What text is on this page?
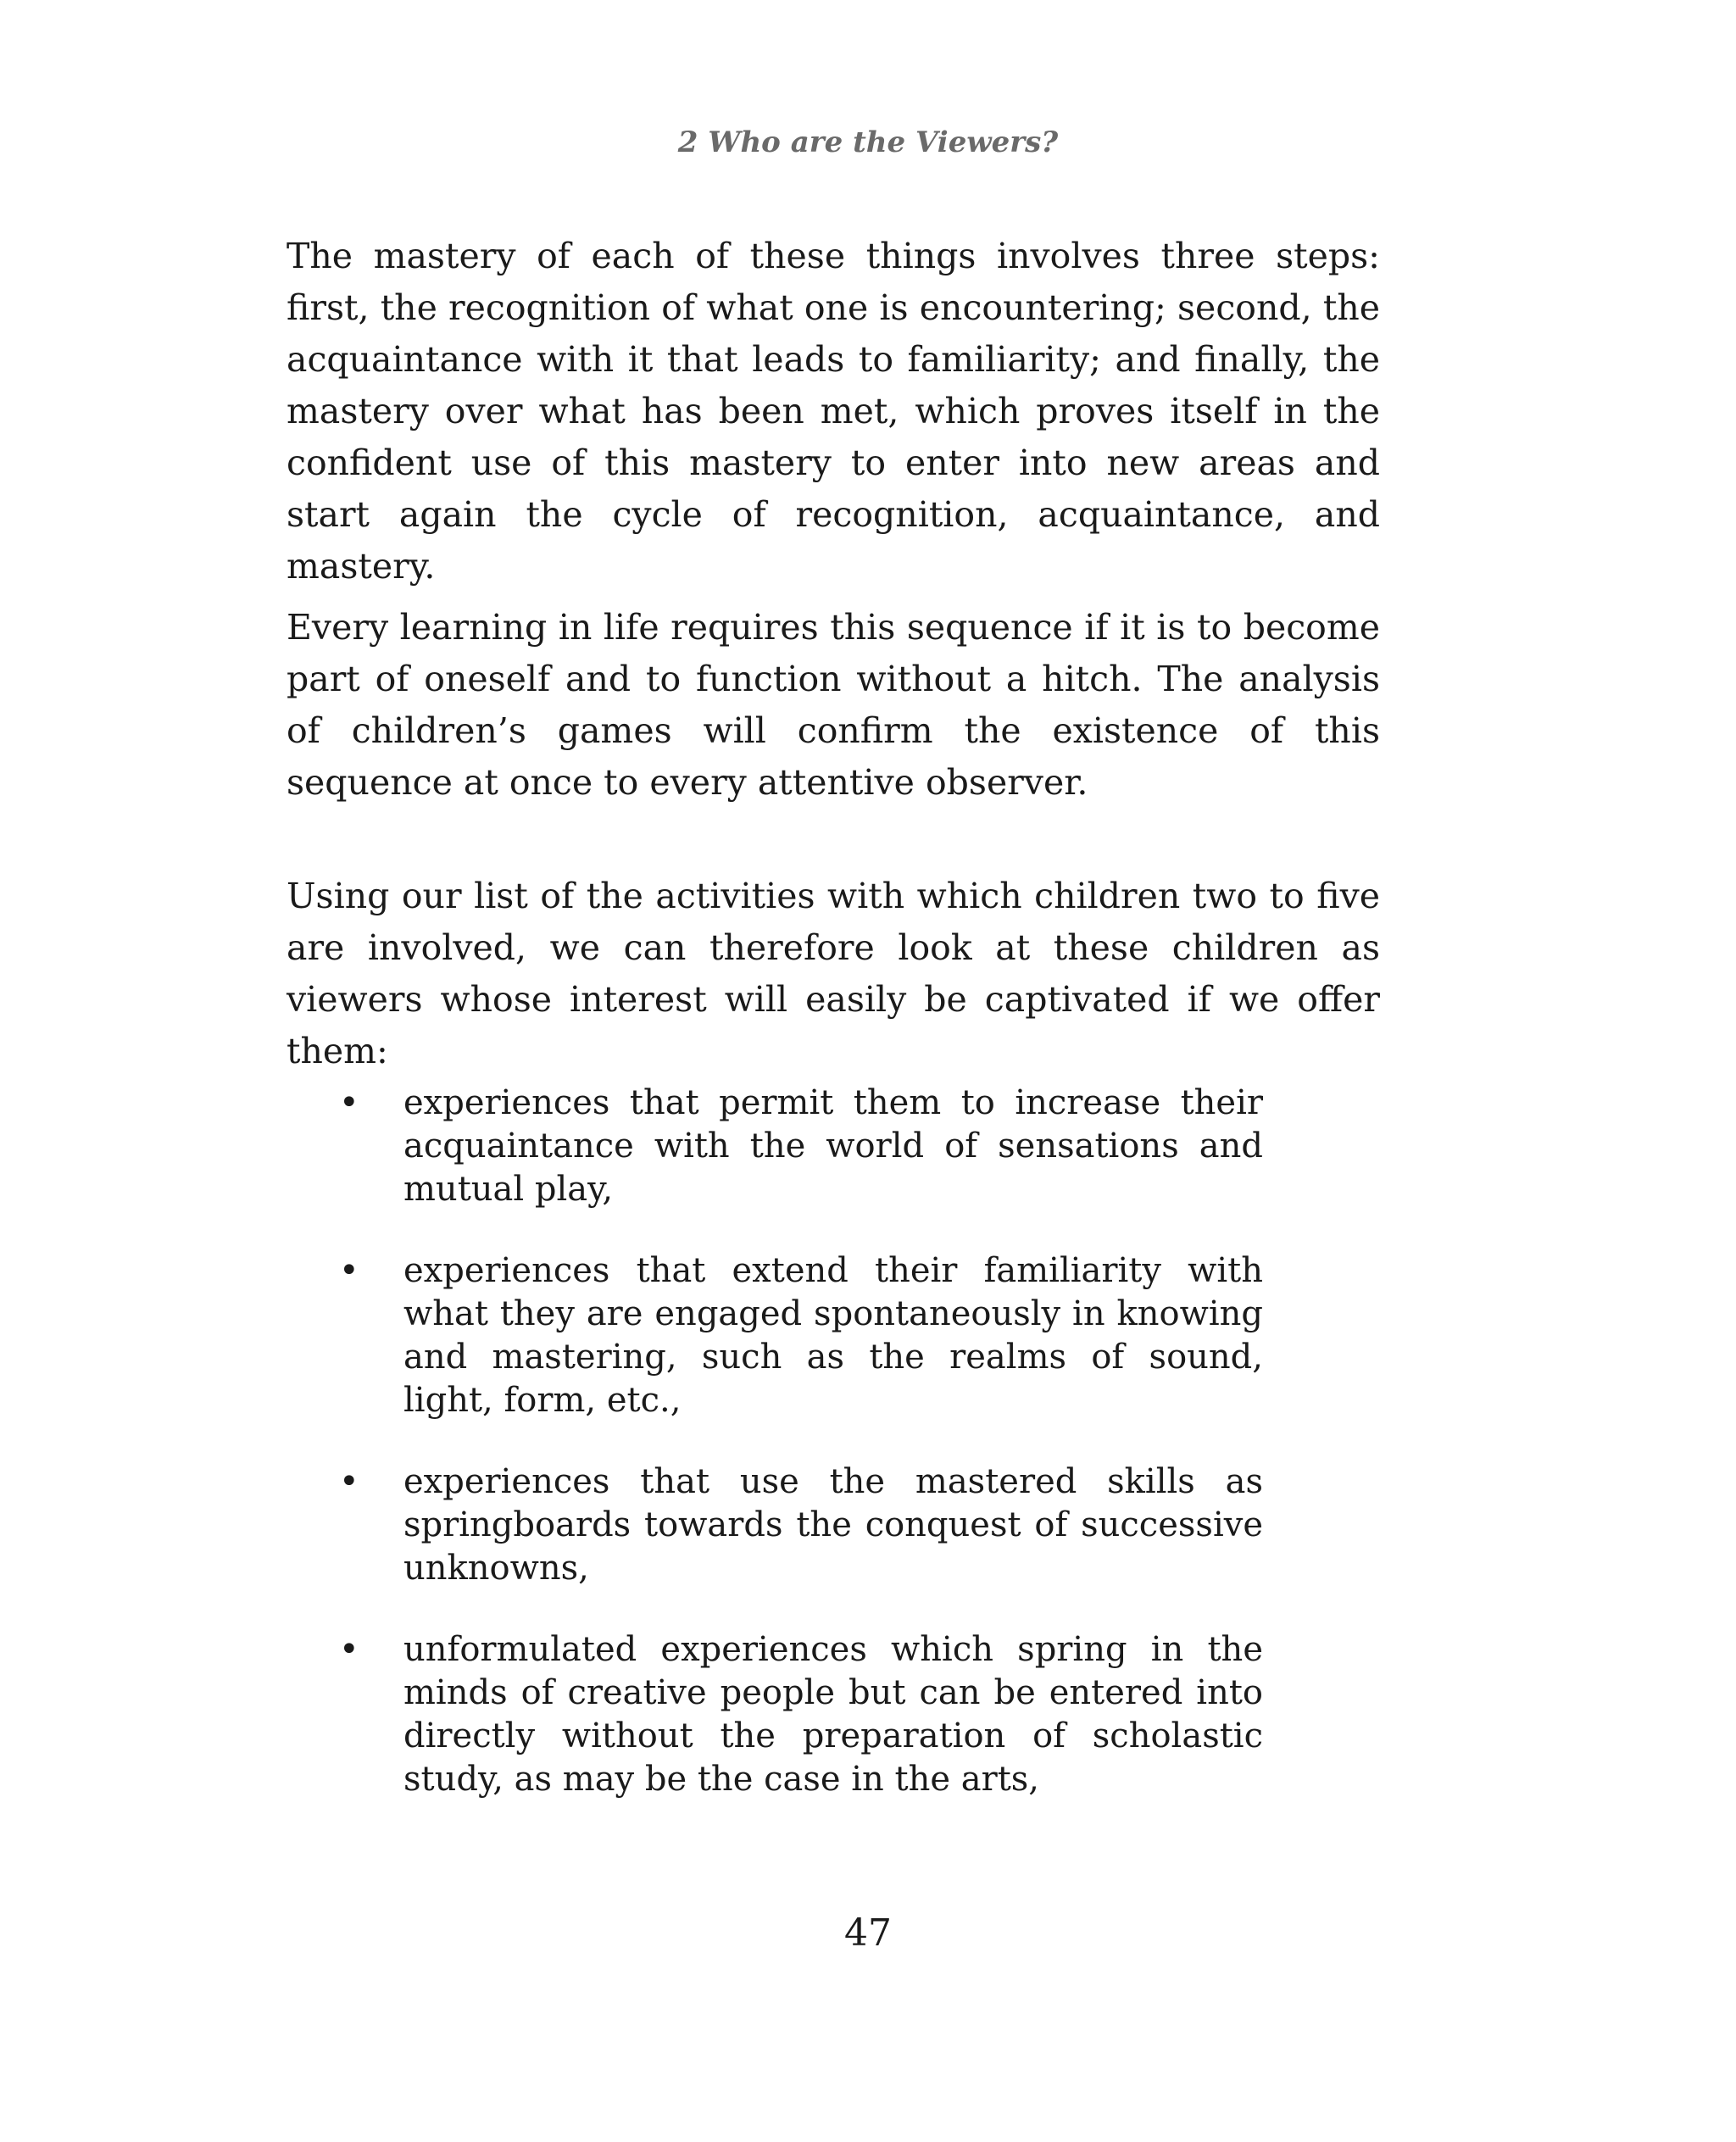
2 Who are the Viewers?

The mastery of each of these things involves three steps: first, the recognition of what one is encountering; second, the acquaintance with it that leads to familiarity; and finally, the mastery over what has been met, which proves itself in the confident use of this mastery to enter into new areas and start again the cycle of recognition, acquaintance, and mastery.

Every learning in life requires this sequence if it is to become part of oneself and to function without a hitch. The analysis of children’s games will confirm the existence of this sequence at once to every attentive observer.

Using our list of the activities with which children two to five are involved, we can therefore look at these children as viewers whose interest will easily be captivated if we offer them:

• experiences that permit them to increase their acquaintance with the world of sensations and mutual play,
• experiences that extend their familiarity with what they are engaged spontaneously in knowing and mastering, such as the realms of sound, light, form, etc.,
• experiences that use the mastered skills as springboards towards the conquest of successive unknowns,
• unformulated experiences which spring in the minds of creative people but can be entered into directly without the preparation of scholastic study, as may be the case in the arts,
47
